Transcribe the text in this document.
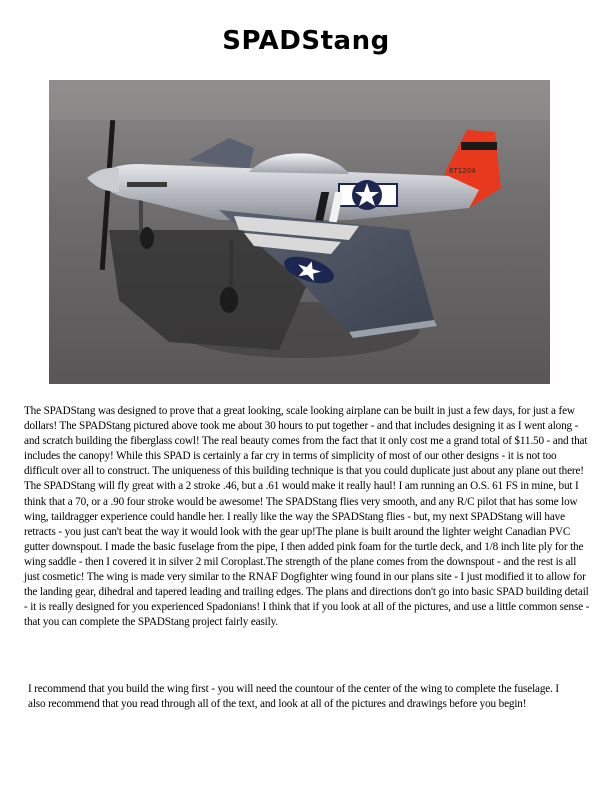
SPADStang
6T1204

The SPADStang was designed to prove that a great looking, scale looking airplane can be built in just a few days, for just a few dollars! The SPADStang pictured above took me about 30 hours to put together - and that includes designing it as I went along - and scratch building the fiberglass cowl! The real beauty comes from the fact that it only cost me a grand total of $11.50 - and that includes the canopy! While this SPAD is certainly a far cry in terms of simplicity of most of our other designs - it is not too difficult over all to construct. The uniqueness of this building technique is that you could duplicate just about any plane out there! The SPADStang will fly great with a 2 stroke .46, but a .61 would make it really haul! I am running an O.S. 61 FS in mine, but I think that a 70, or a .90 four stroke would be awesome! The SPADStang flies very smooth, and any R/C pilot that has some low wing, taildragger experience could handle her. I really like the way the SPADStang flies - but, my next SPADStang will have retracts - you just can't beat the way it would look with the gear up!The plane is built around the lighter weight Canadian PVC gutter downspout. I made the basic fuselage from the pipe, I then added pink foam for the turtle deck, and 1/8 inch lite ply for the wing saddle - then I covered it in silver 2 mil Coroplast.The strength of the plane comes from the downspout - and the rest is all just cosmetic! The wing is made very similar to the RNAF Dogfighter wing found in our plans site - I just modified it to allow for the landing gear, dihedral and tapered leading and trailing edges. The plans and directions don't go into basic SPAD building detail - it is really designed for you experienced Spadonians! I think that if you look at all of the pictures, and use a little common sense - that you can complete the SPADStang project fairly easily.

I recommend that you build the wing first - you will need the countour of the center of the wing to complete the fuselage. I also recommend that you read through all of the text, and look at all of the pictures and drawings before you begin!
